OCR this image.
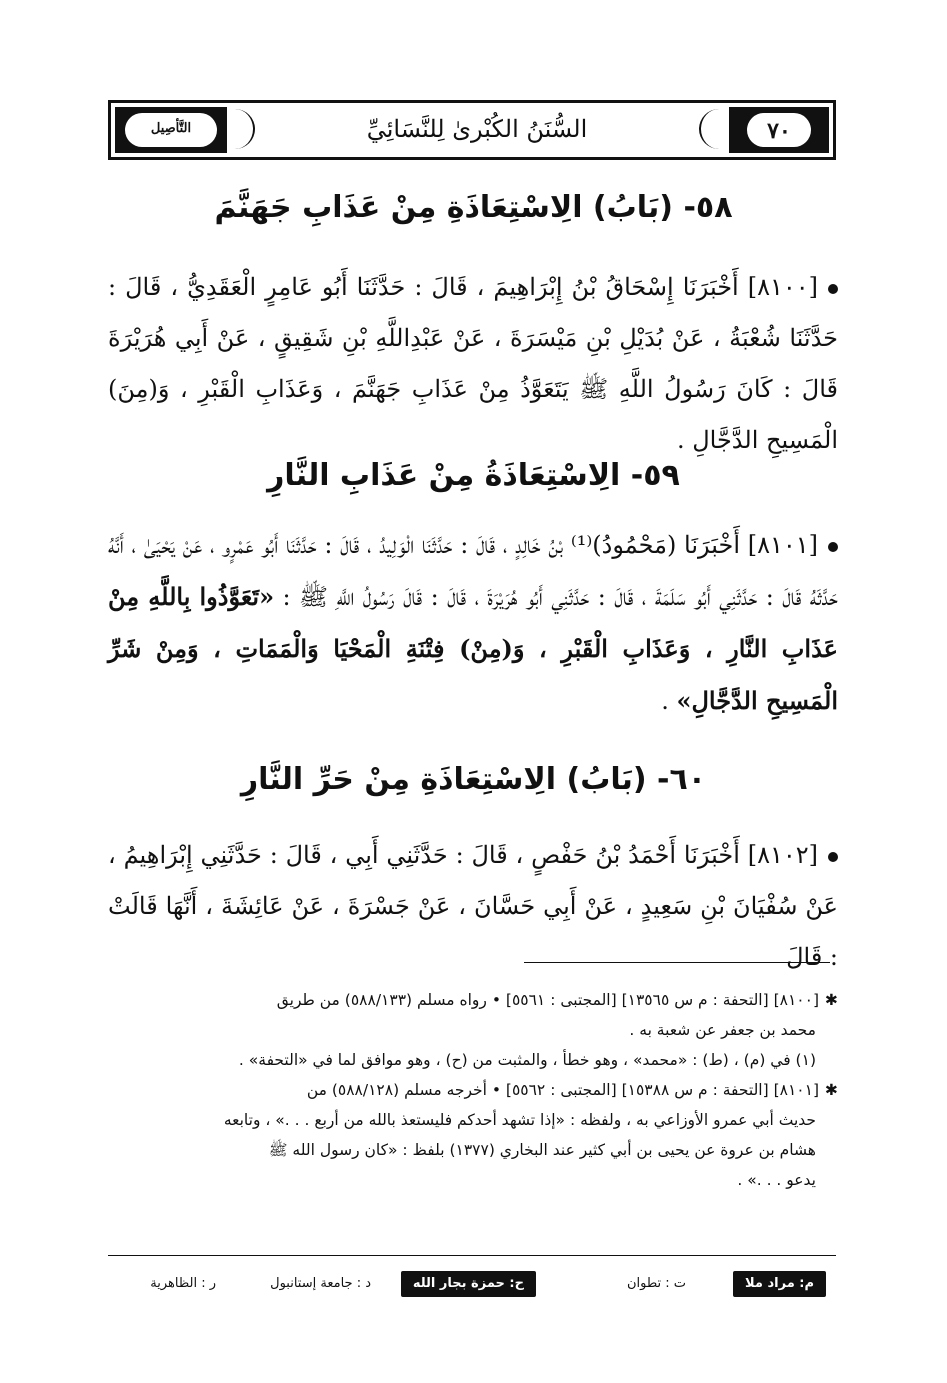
التَّأصِيل	السُّنَنُ الكُبْرىٰ لِلنَّسَائِيِّ	٧٠
٥٨- (بَابُ) الِاسْتِعَاذَةِ مِنْ عَذَابِ جَهَنَّمَ
[٨١٠٠] أَخْبَرَنَا إِسْحَاقُ بْنُ إِبْرَاهِيمَ ، قَالَ : حَدَّثَنَا أَبُو عَامِرٍ الْعَقَدِيُّ ، قَالَ : حَدَّثَنَا شُعْبَةُ ، عَنْ بُدَيْلِ بْنِ مَيْسَرَةَ ، عَنْ عَبْدِاللَّهِ بْنِ شَقِيقٍ ، عَنْ أَبِي هُرَيْرَةَ قَالَ : كَانَ رَسُولُ اللَّهِ ﷺ يَتَعَوَّذُ مِنْ عَذَابِ جَهَنَّمَ ، وَعَذَابِ الْقَبْرِ ، وَ(مِنَ) الْمَسِيحِ الدَّجَّالِ .
٥٩- الِاسْتِعَاذَةُ مِنْ عَذَابِ النَّارِ
[٨١٠١] أَخْبَرَنَا (مَحْمُودُ)⁽¹⁾ بْنُ خَالِدٍ ، قَالَ : حَدَّثَنَا الْوَلِيدُ ، قَالَ : حَدَّثَنَا أَبُو عَمْرٍو ، عَنْ يَحْيَىٰ ، أَنَّهُ حَدَّثَهُ قَالَ : حَدَّثَنِي أَبُو سَلَمَةَ ، قَالَ : حَدَّثَنِي أَبُو هُرَيْرَةَ ، قَالَ : قَالَ رَسُولُ اللَّهِ ﷺ : «تَعَوَّذُوا بِاللَّهِ مِنْ عَذَابِ النَّارِ ، وَعَذَابِ الْقَبْرِ ، وَ(مِنْ) فِتْنَةِ الْمَحْيَا وَالْمَمَاتِ ، وَمِنْ شَرِّ الْمَسِيحِ الدَّجَّالِ» .
٦٠- (بَابُ) الِاسْتِعَاذَةِ مِنْ حَرِّ النَّارِ
[٨١٠٢] أَخْبَرَنَا أَحْمَدُ بْنُ حَفْصٍ ، قَالَ : حَدَّثَنِي أَبِي ، قَالَ : حَدَّثَنِي إِبْرَاهِيمُ ، عَنْ سُفْيَانَ بْنِ سَعِيدٍ ، عَنْ أَبِي حَسَّانَ ، عَنْ جَسْرَةَ ، عَنْ عَائِشَةَ ، أَنَّهَا قَالَتْ : قَالَ
✱[٨١٠٠] [التحفة : م س ١٣٥٦٥] [المجتبى : ٥٥٦١] • رواه مسلم (٥٨٨/١٣٣) من طريق
محمد بن جعفر عن شعبة به .
(١) في (م) ، (ط) : «محمد» ، وهو خطأ ، والمثبت من (ح) ، وهو موافق لما في «التحفة» .
✱[٨١٠١] [التحفة : م س ١٥٣٨٨] [المجتبى : ٥٥٦٢] • أخرجه مسلم (٥٨٨/١٢٨) من
حديث أبي عمرو الأوزاعي به ، ولفظه : «إذا تشهد أحدكم فليستعذ بالله من أربع . . .» ، وتابعه
هشام بن عروة عن يحيى بن أبي كثير عند البخاري (١٣٧٧) بلفظ : «كان رسول الله ﷺ
يدعو . . .» .
م: مراد ملا
ت : تطوان
ح: حمزة بجار الله
د : جامعة إستانبول
ر : الظاهرية
